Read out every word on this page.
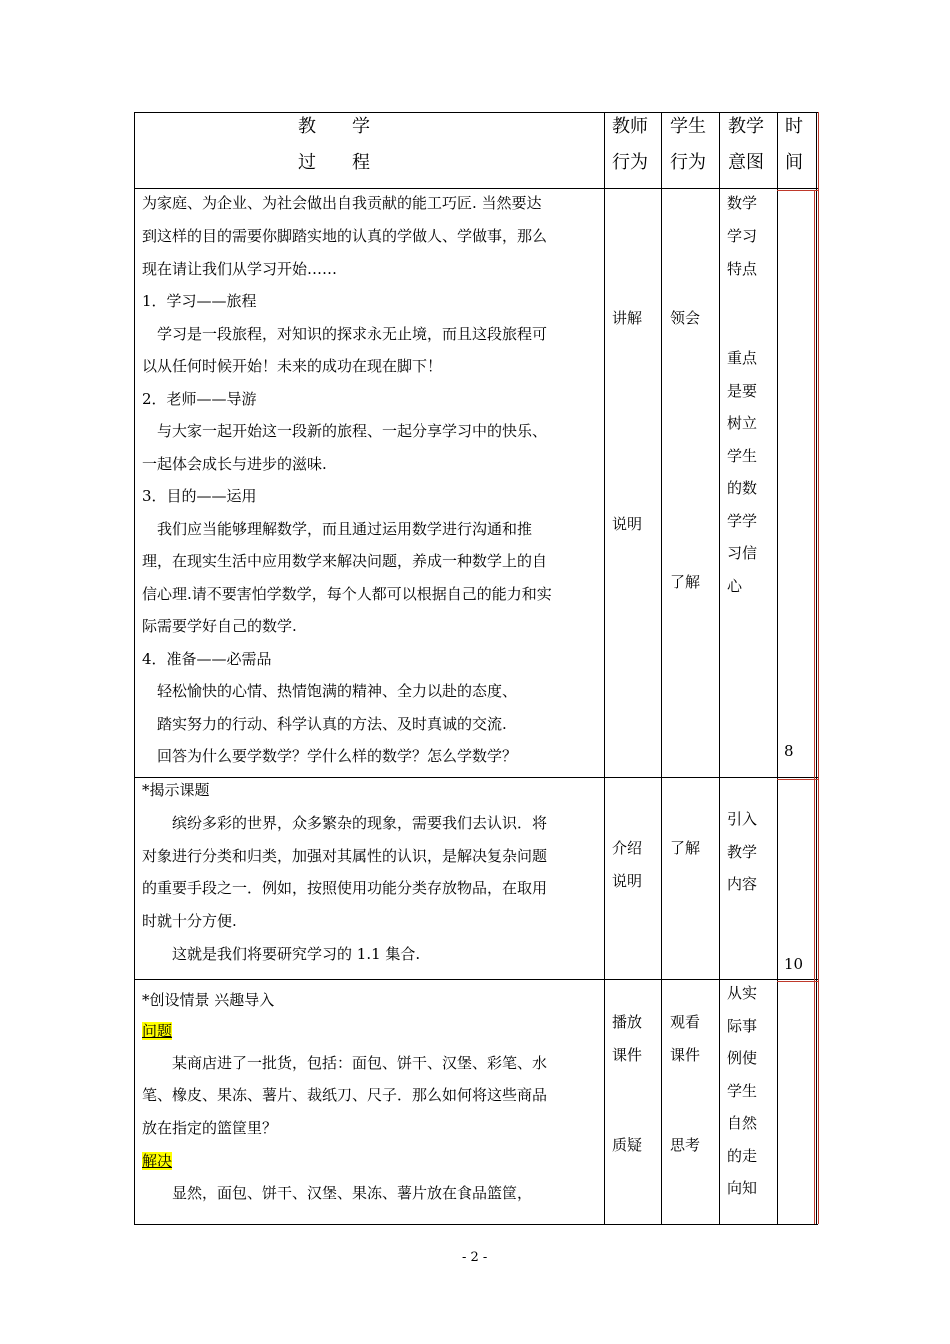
教　　学
过　　程
教师
行为
学生
行为
教学
意图
时
间
为家庭、为企业、为社会做出自我贡献的能工巧匠. 当然要达
到这样的目的需要你脚踏实地的认真的学做人、学做事，那么
现在请让我们从学习开始……
1．学习——旅程
　学习是一段旅程，对知识的探求永无止境，而且这段旅程可
以从任何时候开始！未来的成功在现在脚下！
2．老师——导游
　与大家一起开始这一段新的旅程、一起分享学习中的快乐、
一起体会成长与进步的滋味.
3．目的——运用
　我们应当能够理解数学，而且通过运用数学进行沟通和推
理，在现实生活中应用数学来解决问题，养成一种数学上的自
信心理.请不要害怕学数学，每个人都可以根据自己的能力和实
际需要学好自己的数学.
4．准备——必需品
　轻松愉快的心情、热情饱满的精神、全力以赴的态度、
　踏实努力的行动、科学认真的方法、及时真诚的交流.
　回答为什么要学数学？学什么样的数学？怎么学数学？
讲解
说明
领会
了解
数学
学习
特点
重点
是要
树立
学生
的数
学学
习信
心
8
*揭示课题
　　缤纷多彩的世界，众多繁杂的现象，需要我们去认识．将
对象进行分类和归类，加强对其属性的认识，是解决复杂问题
的重要手段之一．例如，按照使用功能分类存放物品，在取用
时就十分方便.
　　这就是我们将要研究学习的 1.1 集合.
介绍
说明
了解
引入
教学
内容
10
*创设情景 兴趣导入
问题
　　某商店进了一批货，包括：面包、饼干、汉堡、彩笔、水
笔、橡皮、果冻、薯片、裁纸刀、尺子．那么如何将这些商品
放在指定的篮筐里？
解决
　　显然，面包、饼干、汉堡、果冻、薯片放在食品篮筐，
播放
课件
质疑
观看
课件
思考
从实
际事
例使
学生
自然
的走
向知
- 2 -
